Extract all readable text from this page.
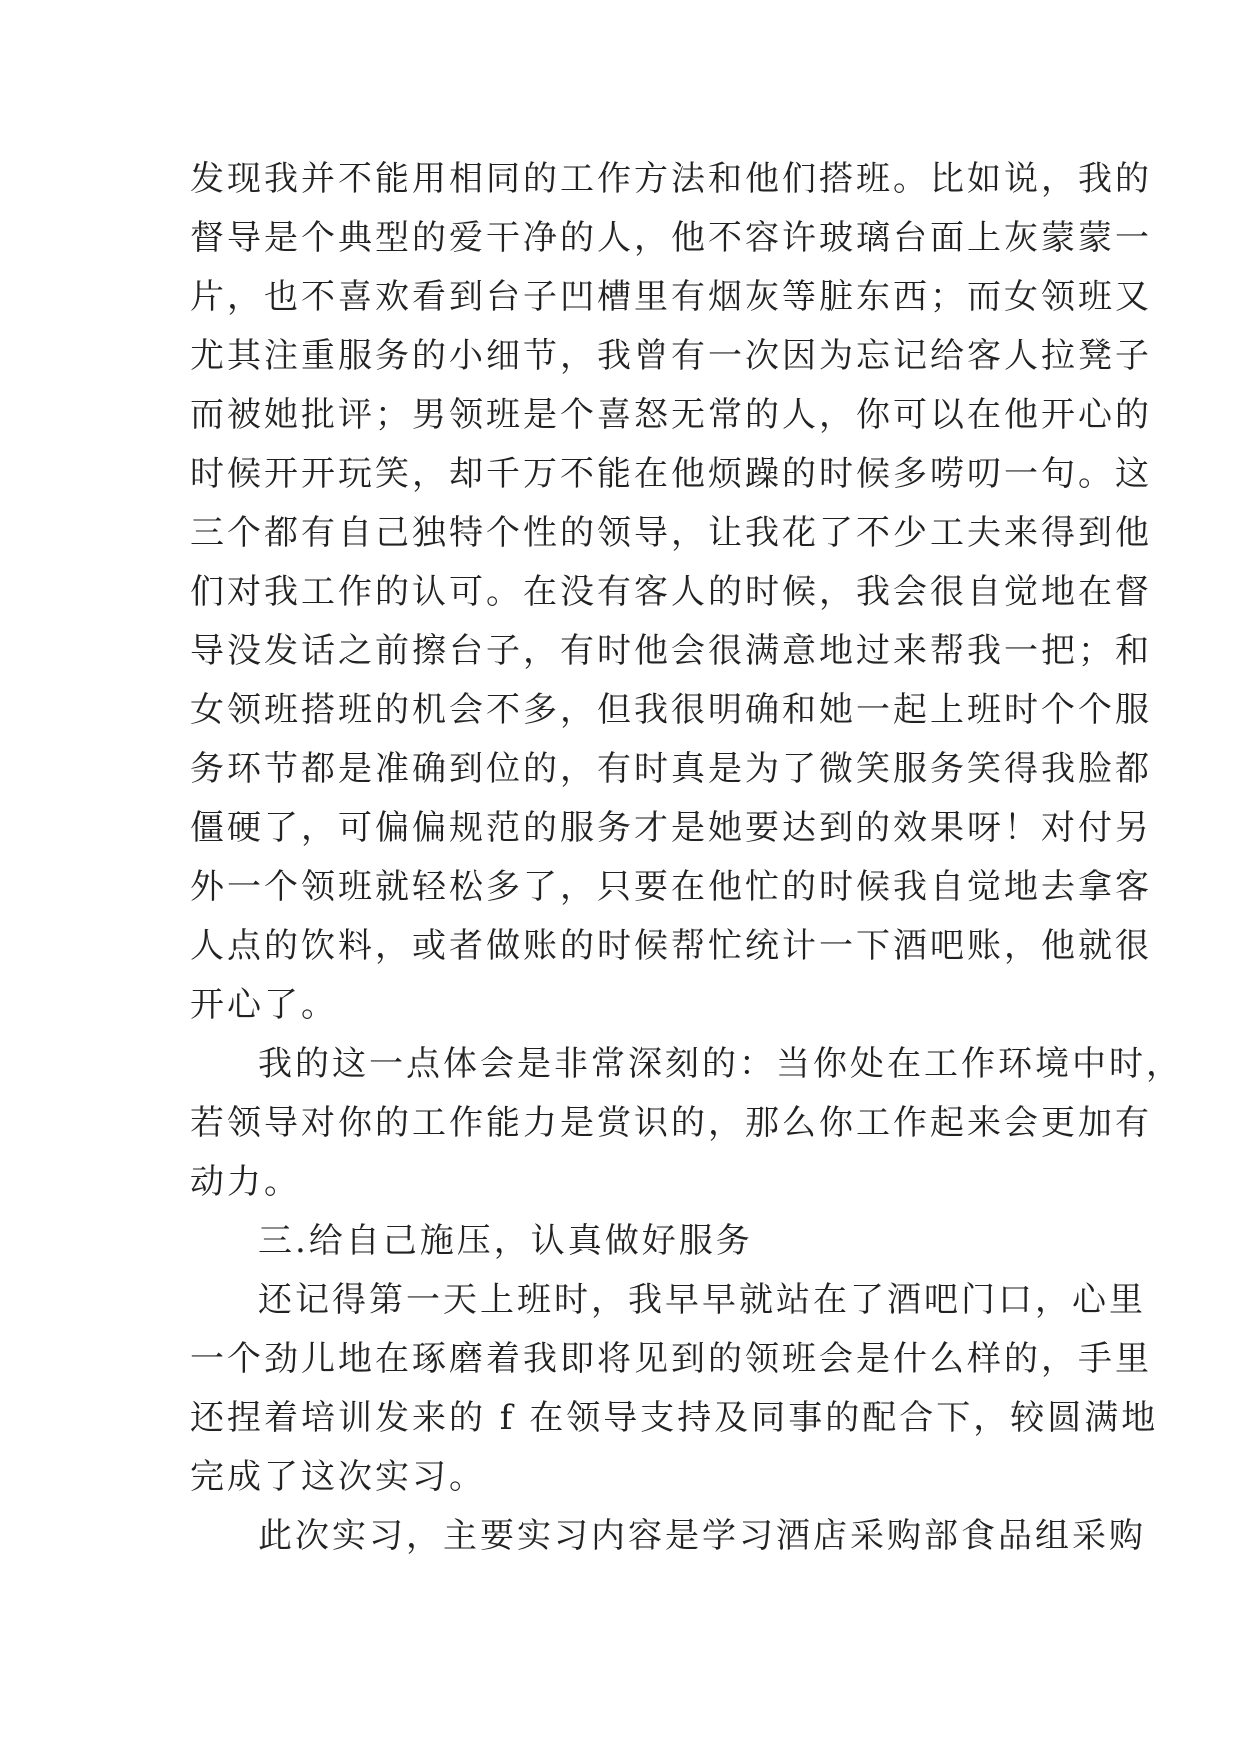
发现我并不能用相同的工作方法和他们搭班。比如说，我的
督导是个典型的爱干净的人，他不容许玻璃台面上灰蒙蒙一
片，也不喜欢看到台子凹槽里有烟灰等脏东西；而女领班又
尤其注重服务的小细节，我曾有一次因为忘记给客人拉凳子
而被她批评；男领班是个喜怒无常的人，你可以在他开心的
时候开开玩笑，却千万不能在他烦躁的时候多唠叨一句。这
三个都有自己独特个性的领导，让我花了不少工夫来得到他
们对我工作的认可。在没有客人的时候，我会很自觉地在督
导没发话之前擦台子，有时他会很满意地过来帮我一把；和
女领班搭班的机会不多，但我很明确和她一起上班时个个服
务环节都是准确到位的，有时真是为了微笑服务笑得我脸都
僵硬了，可偏偏规范的服务才是她要达到的效果呀！对付另
外一个领班就轻松多了，只要在他忙的时候我自觉地去拿客
人点的饮料，或者做账的时候帮忙统计一下酒吧账，他就很
开心了。
我的这一点体会是非常深刻的：当你处在工作环境中时，
若领导对你的工作能力是赏识的，那么你工作起来会更加有
动力。
三.给自己施压，认真做好服务
还记得第一天上班时，我早早就站在了酒吧门口，心里
一个劲儿地在琢磨着我即将见到的领班会是什么样的，手里
还捏着培训发来的 f 在领导支持及同事的配合下，较圆满地
完成了这次实习。
此次实习，主要实习内容是学习酒店采购部食品组采购
